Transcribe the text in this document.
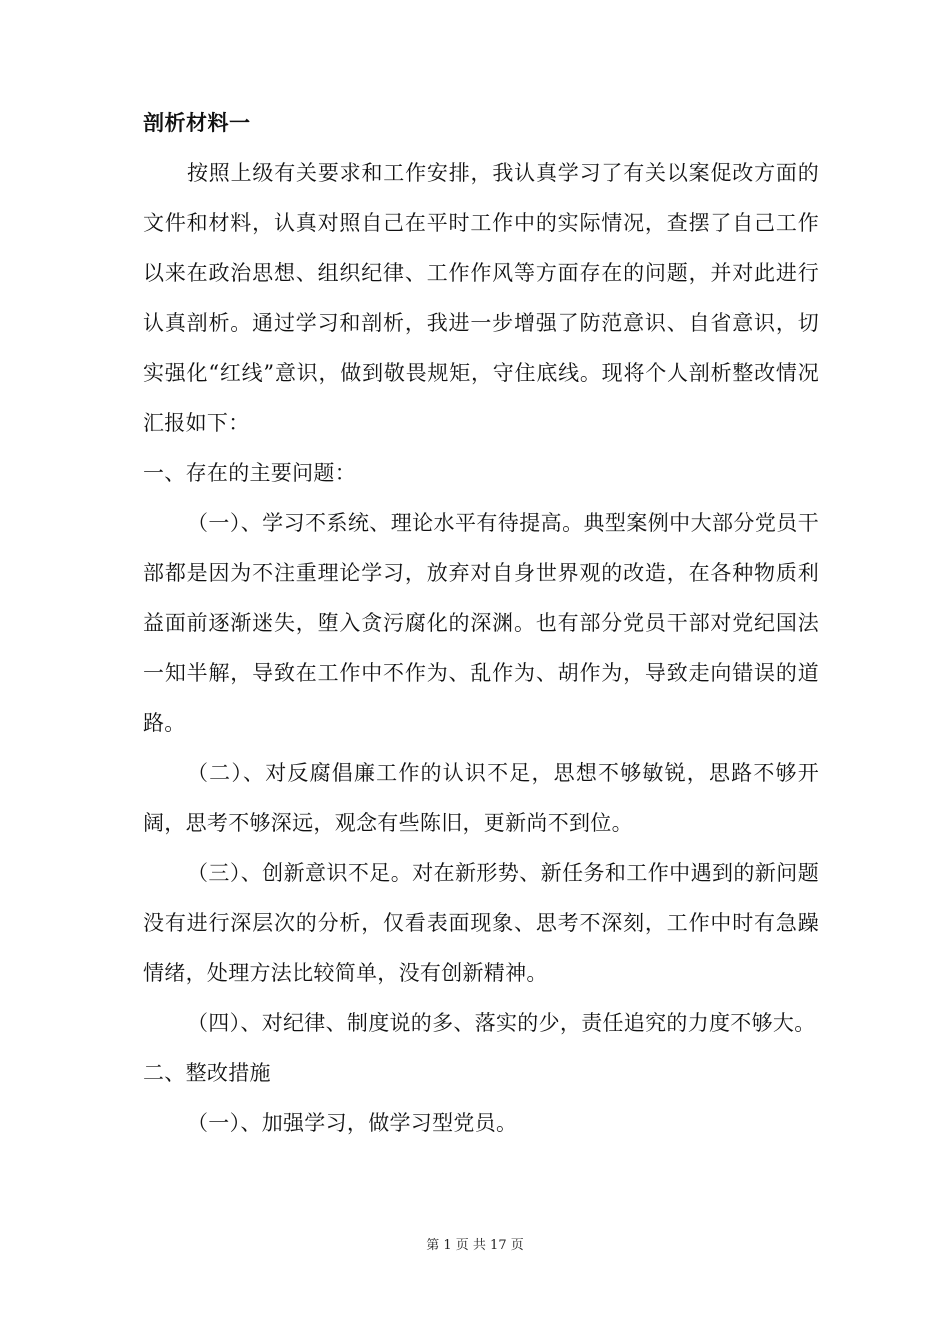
剖析材料一

按照上级有关要求和工作安排，我认真学习了有关以案促改方面的文件和材料，认真对照自己在平时工作中的实际情况，查摆了自己工作以来在政治思想、组织纪律、工作作风等方面存在的问题，并对此进行认真剖析。通过学习和剖析，我进一步增强了防范意识、自省意识，切实强化“红线”意识，做到敬畏规矩，守住底线。现将个人剖析整改情况汇报如下：

一、存在的主要问题：

（一）、学习不系统、理论水平有待提高。典型案例中大部分党员干部都是因为不注重理论学习，放弃对自身世界观的改造，在各种物质利益面前逐渐迷失，堕入贪污腐化的深渊。也有部分党员干部对党纪国法一知半解，导致在工作中不作为、乱作为、胡作为，导致走向错误的道路。

（二）、对反腐倡廉工作的认识不足，思想不够敏锐，思路不够开阔，思考不够深远，观念有些陈旧，更新尚不到位。

（三）、创新意识不足。对在新形势、新任务和工作中遇到的新问题没有进行深层次的分析，仅看表面现象、思考不深刻，工作中时有急躁情绪，处理方法比较简单，没有创新精神。

（四）、对纪律、制度说的多、落实的少，责任追究的力度不够大。

二、整改措施

（一）、加强学习，做学习型党员。

第 1 页 共 17 页
